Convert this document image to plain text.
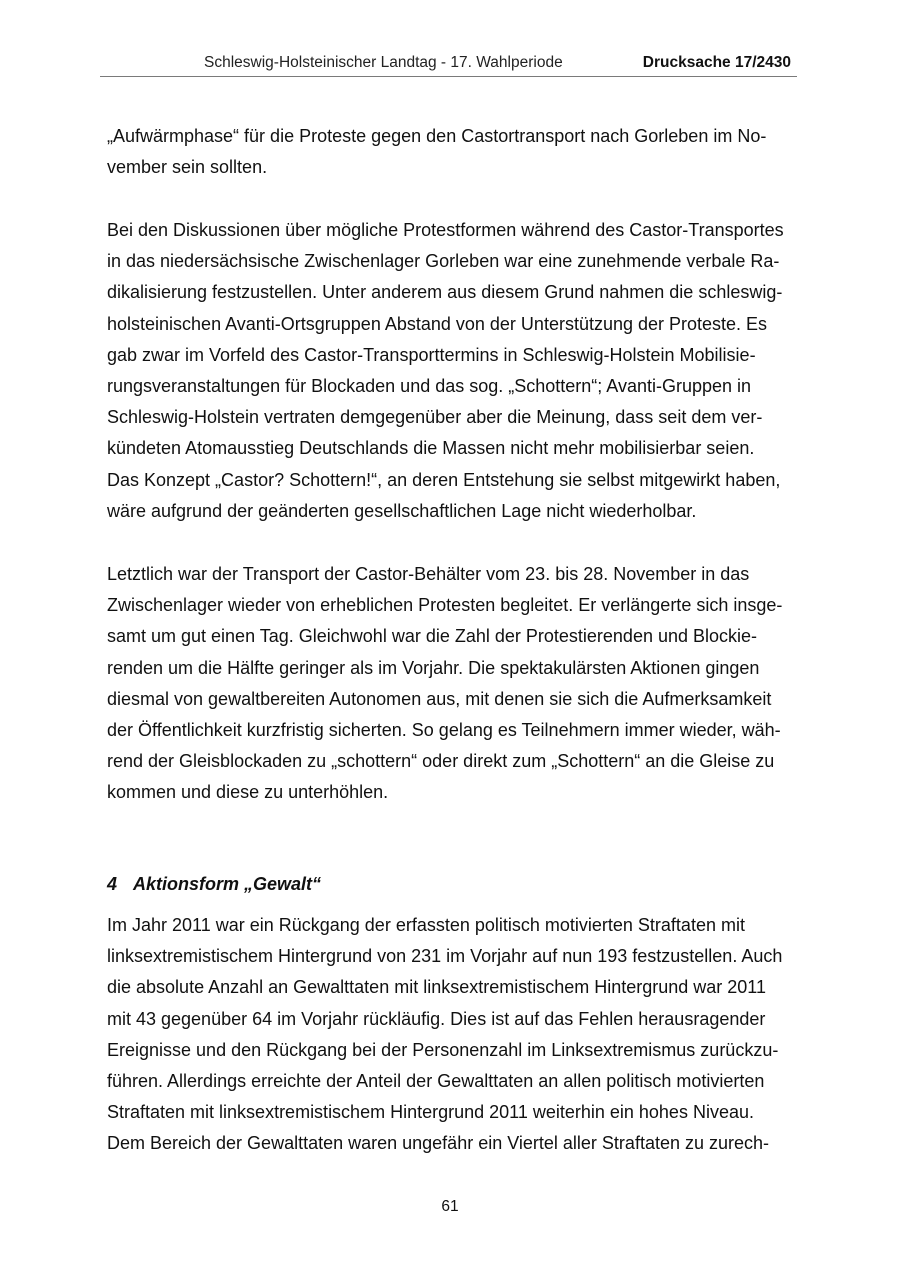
Schleswig-Holsteinischer Landtag - 17. Wahlperiode	Drucksache 17/2430
„Aufwärmphase“ für die Proteste gegen den Castortransport nach Gorleben im No-
vember sein sollten.
Bei den Diskussionen über mögliche Protestformen während des Castor-Transportes
in das niedersächsische Zwischenlager Gorleben war eine zunehmende verbale Ra-
dikalisierung festzustellen. Unter anderem aus diesem Grund nahmen die schleswig-
holsteinischen Avanti-Ortsgruppen Abstand von der Unterstützung der Proteste. Es
gab zwar im Vorfeld des Castor-Transporttermins in Schleswig-Holstein Mobilisie-
rungsveranstaltungen für Blockaden und das sog. „Schottern“; Avanti-Gruppen in
Schleswig-Holstein vertraten demgegenüber aber die Meinung, dass seit dem ver-
kündeten Atomausstieg Deutschlands die Massen nicht mehr mobilisierbar seien.
Das Konzept „Castor? Schottern!“, an deren Entstehung sie selbst mitgewirkt haben,
wäre aufgrund der geänderten gesellschaftlichen Lage nicht wiederholbar.
Letztlich war der Transport der Castor-Behälter vom 23. bis 28. November in das
Zwischenlager wieder von erheblichen Protesten begleitet. Er verlängerte sich insge-
samt um gut einen Tag. Gleichwohl war die Zahl der Protestierenden und Blockie-
renden um die Hälfte geringer als im Vorjahr. Die spektakulärsten Aktionen gingen
diesmal von gewaltbereiten Autonomen aus, mit denen sie sich die Aufmerksamkeit
der Öffentlichkeit kurzfristig sicherten. So gelang es Teilnehmern immer wieder, wäh-
rend der Gleisblockaden zu „schottern“ oder direkt zum „Schottern“ an die Gleise zu
kommen und diese zu unterhöhlen.
4 Aktionsform „Gewalt“
Im Jahr 2011 war ein Rückgang der erfassten politisch motivierten Straftaten mit
linksextremistischem Hintergrund von 231 im Vorjahr auf nun 193 festzustellen. Auch
die absolute Anzahl an Gewalttaten mit linksextremistischem Hintergrund war 2011
mit 43 gegenüber 64 im Vorjahr rückläufig. Dies ist auf das Fehlen herausragender
Ereignisse und den Rückgang bei der Personenzahl im Linksextremismus zurückzu-
führen. Allerdings erreichte der Anteil der Gewalttaten an allen politisch motivierten
Straftaten mit linksextremistischem Hintergrund 2011 weiterhin ein hohes Niveau.
Dem Bereich der Gewalttaten waren ungefähr ein Viertel aller Straftaten zu zurech-
61
